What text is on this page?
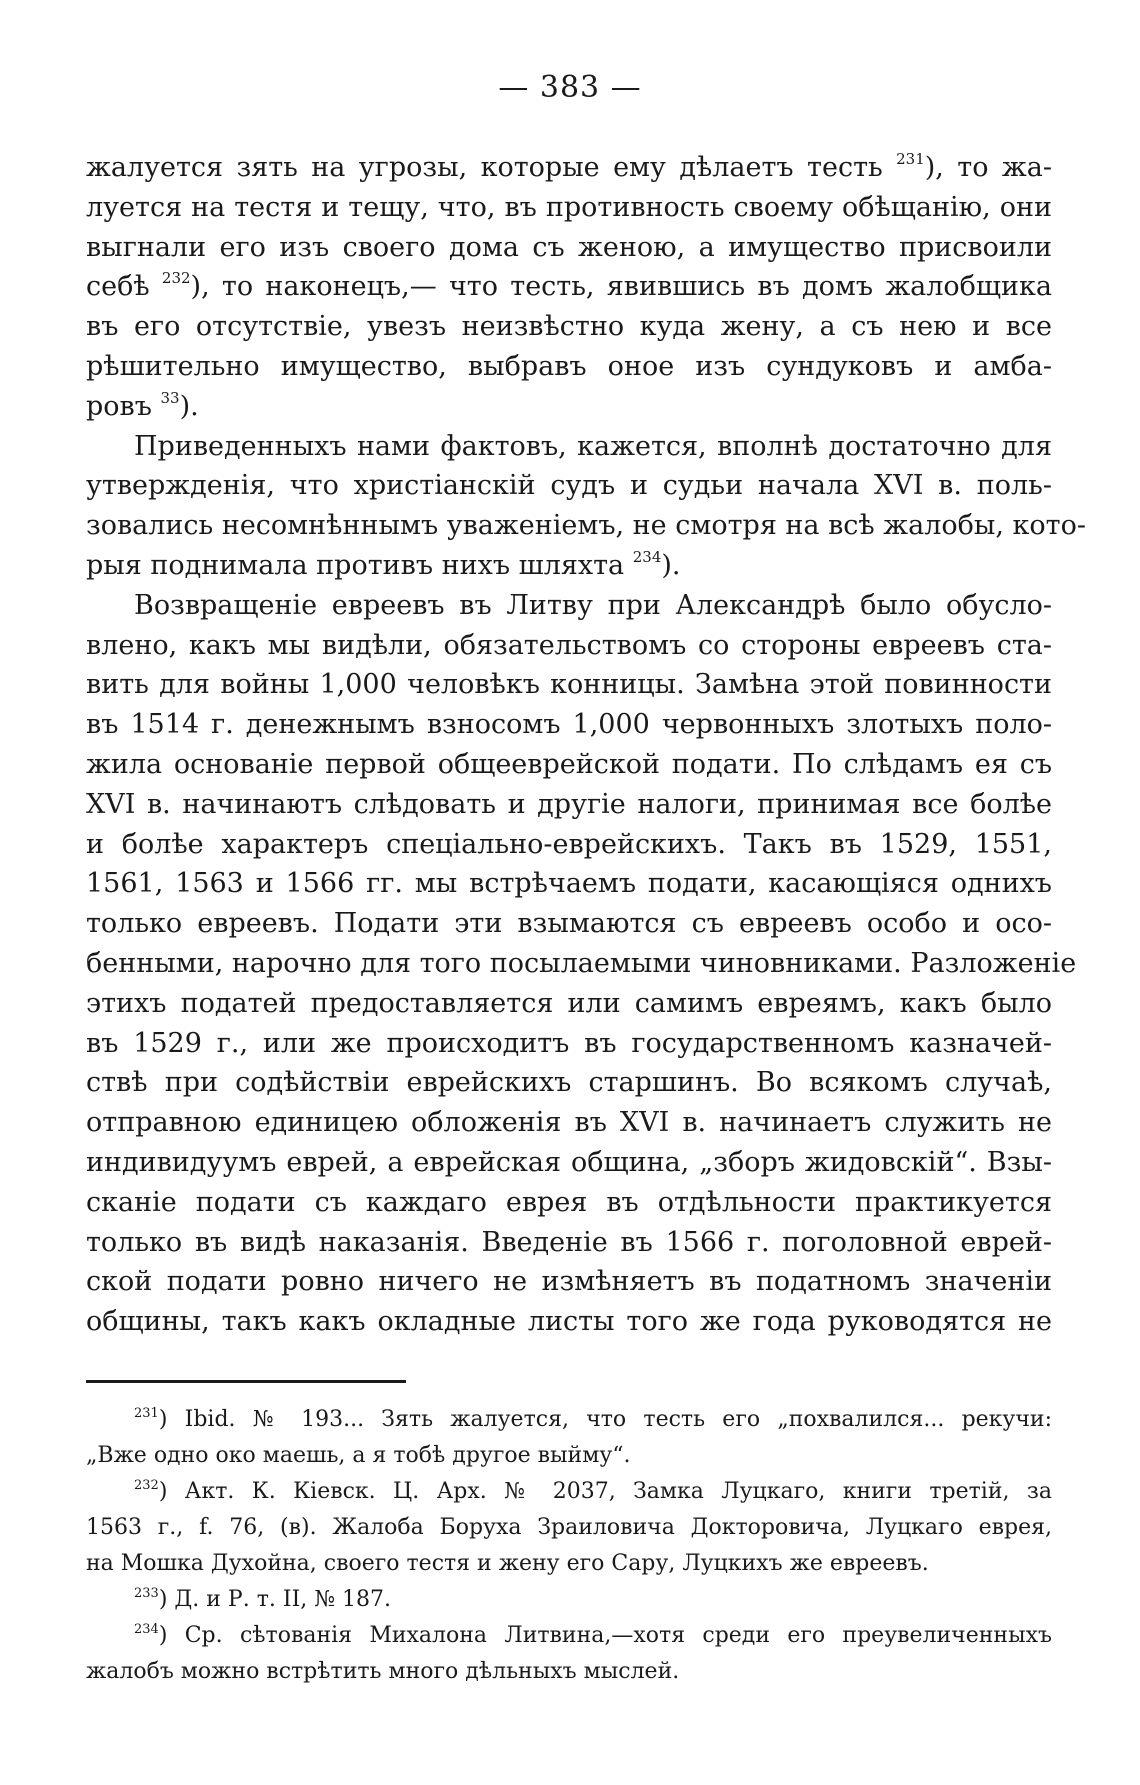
— 383 —
жалуется зять на угрозы, которые ему дѣлаетъ тесть $^{231}$), то жа-
луется на тестя и тещу, что, въ противность своему обѣщанію, они
выгнали его изъ своего дома съ женою, а имущество присвоили
себѣ $^{232}$), то наконецъ,— что тесть, явившись въ домъ жалобщика
въ его отсутствіе, увезъ неизвѣстно куда жену, а съ нею и все
рѣшительно имущество, выбравъ оное изъ сундуковъ и амба-
ровъ $^{33}$).
Приведенныхъ нами фактовъ, кажется, вполнѣ достаточно для
утвержденія, что христіанскій судъ и судьи начала XVI в. поль-
зовались несомнѣннымъ уваженіемъ, не смотря на всѣ жалобы, кото-
рыя поднимала противъ нихъ шляхта $^{234}$).
Возвращеніе евреевъ въ Литву при Александрѣ было обусло-
влено, какъ мы видѣли, обязательствомъ со стороны евреевъ ста-
вить для войны 1,000 человѣкъ конницы. Замѣна этой повинности
въ 1514 г. денежнымъ взносомъ 1,000 червонныхъ злотыхъ поло-
жила основаніе первой общееврейской подати. По слѣдамъ ея съ
XVI в. начинаютъ слѣдовать и другіе налоги, принимая все болѣе
и болѣе характеръ спеціально-еврейскихъ. Такъ въ 1529, 1551,
1561, 1563 и 1566 гг. мы встрѣчаемъ подати, касающіяся однихъ
только евреевъ. Подати эти взымаются съ евреевъ особо и осо-
бенными, нарочно для того посылаемыми чиновниками. Разложеніе
этихъ податей предоставляется или самимъ евреямъ, какъ было
въ 1529 г., или же происходитъ въ государственномъ казначей-
ствѣ при содѣйствіи еврейскихъ старшинъ. Во всякомъ случаѣ,
отправною единицею обложенія въ XVI в. начинаетъ служить не
индивидуумъ еврей, а еврейская община, „зборъ жидовскій“. Взы-
сканіе подати съ каждаго еврея въ отдѣльности практикуется
только въ видѣ наказанія. Введеніе въ 1566 г. поголовной еврей-
ской подати ровно ничего не измѣняетъ въ податномъ значеніи
общины, такъ какъ окладные листы того же года руководятся не
$^{231}$) Ibid. № 193... Зять жалуется, что тесть его „похвалился... рекучи:
„Вже одно око маешь, а я тобѣ другое выйму“.
$^{232}$) Акт. К. Кіевск. Ц. Арх. № 2037, Замка Луцкаго, книги третій, за
1563 г., f. 76, (в). Жалоба Боруха Зраиловича Докторовича, Луцкаго еврея,
на Мошка Духойна, своего тестя и жену его Сару, Луцкихъ же евреевъ.
$^{233}$) Д. и Р. т. II, № 187.
$^{234}$) Ср. сѣтованія Михалона Литвина,—хотя среди его преувеличенныхъ
жалобъ можно встрѣтить много дѣльныхъ мыслей.
